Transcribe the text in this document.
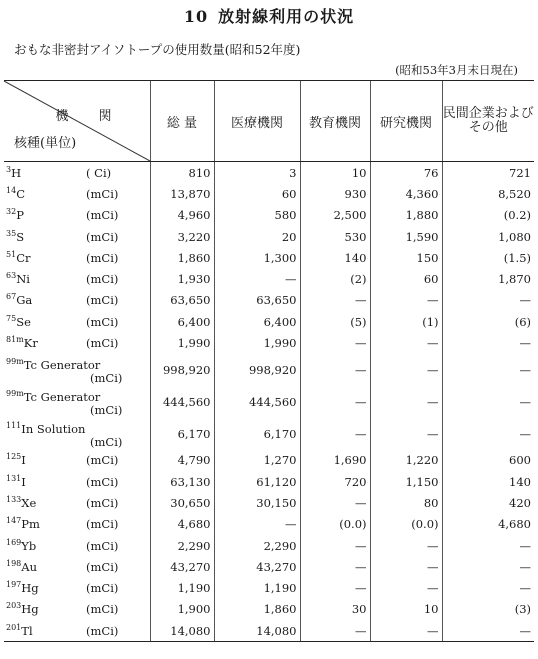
10 放射線利用の状況
おもな非密封アイソトープの使用数量(昭和52年度)
(昭和53年3月末日現在)
機関
核種(単位)	総 量	医療機関	教育機関	研究機関	民間企業およびその他

$^3$H ( Ci)	810	3	10	76	721

$^{14}$C (mCi)	13,870	60	930	4,360	8,520

$^{32}$P (mCi)	4,960	580	2,500	1,880	(0.2)

$^{35}$S (mCi)	3,220	20	530	1,590	1,080

$^{51}$Cr (mCi)	1,860	1,300	140	150	(1.5)

$^{63}$Ni (mCi)	1,930	—	(2)	60	1,870

$^{67}$Ga (mCi)	63,650	63,650	—	—	—

$^{75}$Se (mCi)	6,400	6,400	(5)	(1)	(6)

$^{81m}$Kr (mCi)	1,990	1,990	—	—	—

$^{99m}$Tc Generator
(mCi)	998,920	998,920	—	—	—

$^{99m}$Tc Generator
(mCi)	444,560	444,560	—	—	—

$^{111}$In Solution
(mCi)	6,170	6,170	—	—	—

$^{125}$I (mCi)	4,790	1,270	1,690	1,220	600

$^{131}$I (mCi)	63,130	61,120	720	1,150	140

$^{133}$Xe (mCi)	30,650	30,150	—	80	420

$^{147}$Pm (mCi)	4,680	—	(0.0)	(0.0)	4,680

$^{169}$Yb (mCi)	2,290	2,290	—	—	—

$^{198}$Au (mCi)	43,270	43,270	—	—	—

$^{197}$Hg (mCi)	1,190	1,190	—	—	—

$^{203}$Hg (mCi)	1,900	1,860	30	10	(3)

$^{201}$Tl (mCi)	14,080	14,080	—	—	—
